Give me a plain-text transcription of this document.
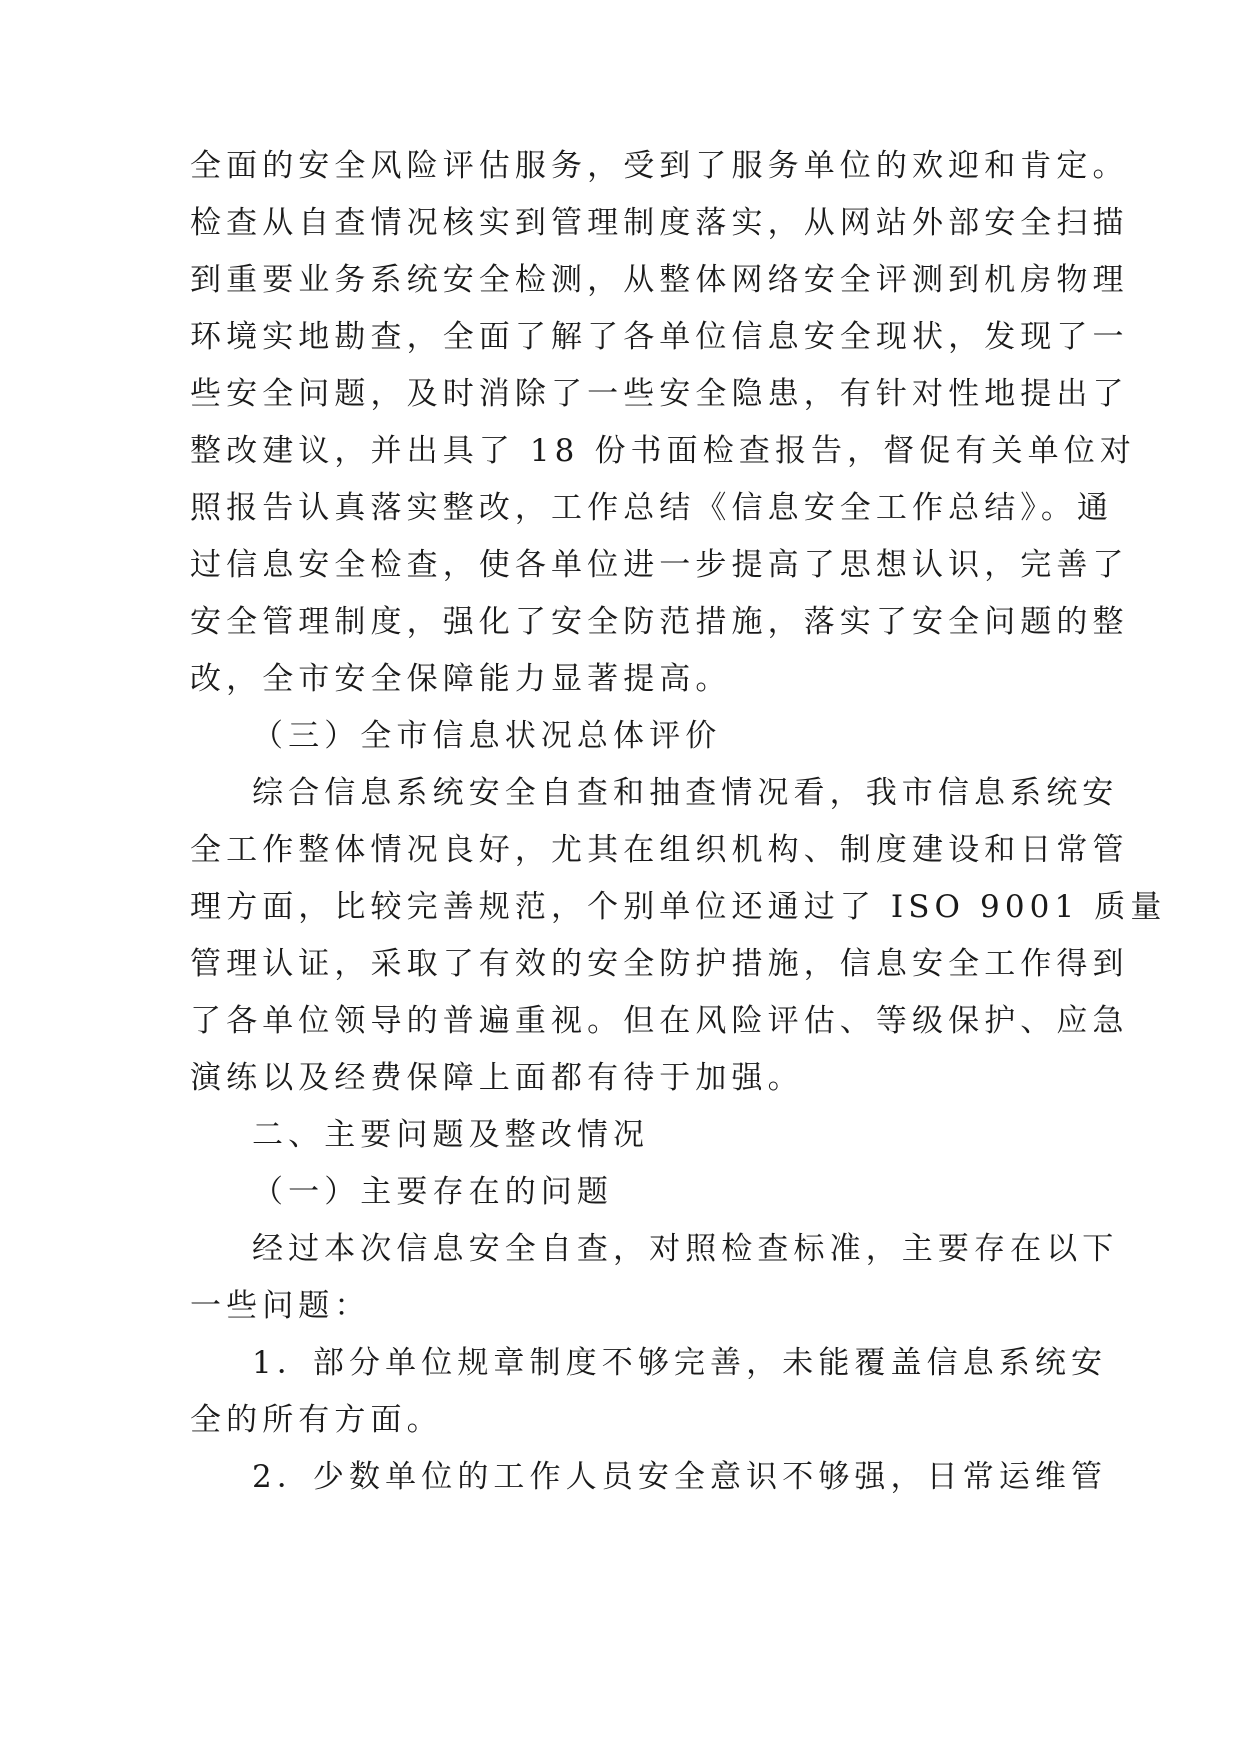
全面的安全风险评估服务，受到了服务单位的欢迎和肯定。

检查从自查情况核实到管理制度落实，从网站外部安全扫描

到重要业务系统安全检测，从整体网络安全评测到机房物理

环境实地勘查，全面了解了各单位信息安全现状，发现了一

些安全问题，及时消除了一些安全隐患，有针对性地提出了

整改建议，并出具了 18 份书面检查报告，督促有关单位对

照报告认真落实整改，工作总结《信息安全工作总结》。通

过信息安全检查，使各单位进一步提高了思想认识，完善了

安全管理制度，强化了安全防范措施，落实了安全问题的整

改，全市安全保障能力显著提高。

（三）全市信息状况总体评价

综合信息系统安全自查和抽查情况看，我市信息系统安

全工作整体情况良好，尤其在组织机构、制度建设和日常管

理方面，比较完善规范，个别单位还通过了 ISO 9001 质量

管理认证，采取了有效的安全防护措施，信息安全工作得到

了各单位领导的普遍重视。但在风险评估、等级保护、应急

演练以及经费保障上面都有待于加强。

二、主要问题及整改情况

（一）主要存在的问题

经过本次信息安全自查，对照检查标准，主要存在以下

一些问题：

1．部分单位规章制度不够完善，未能覆盖信息系统安

全的所有方面。

2．少数单位的工作人员安全意识不够强，日常运维管
